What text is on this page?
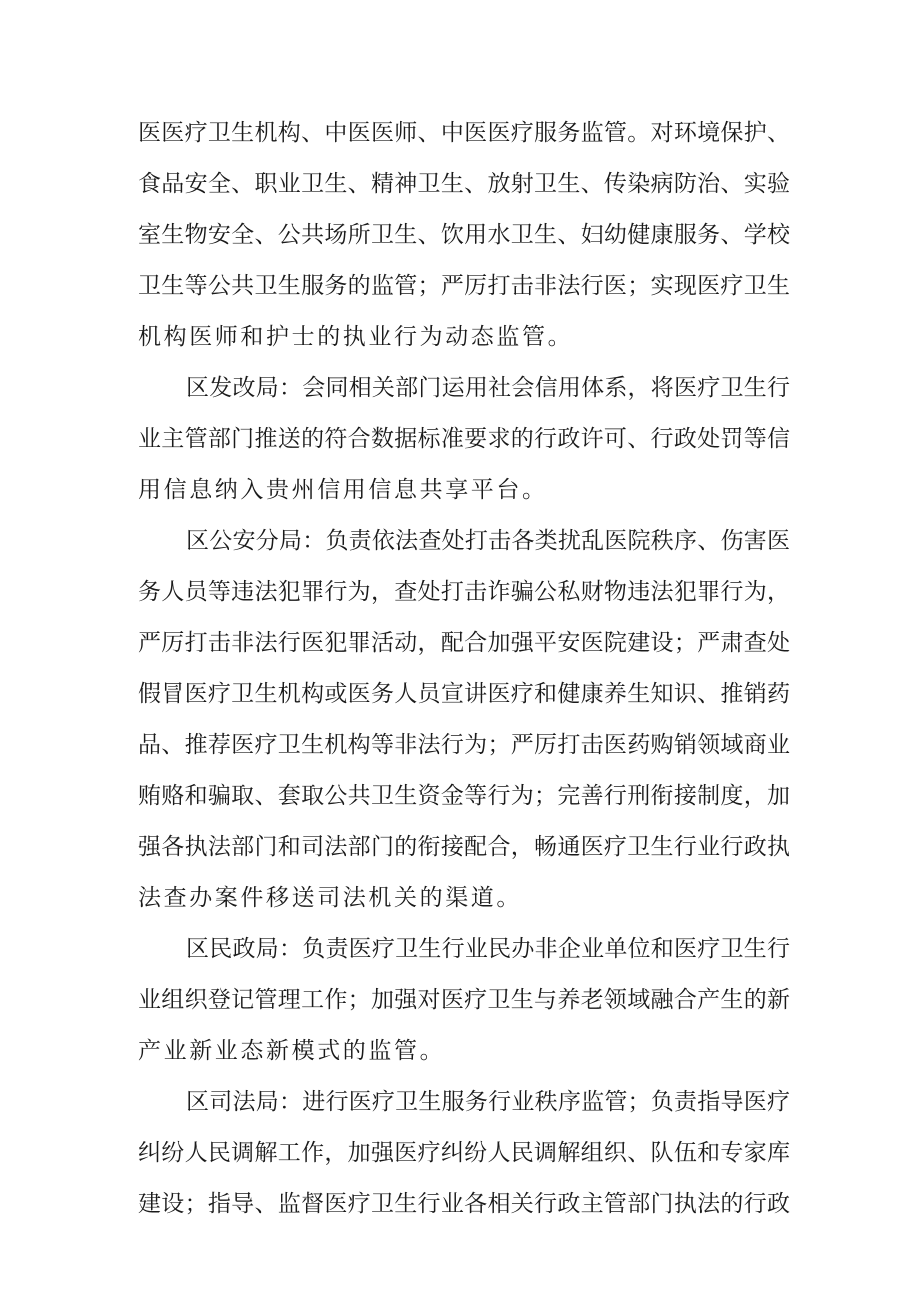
医医疗卫生机构、中医医师、中医医疗服务监管。对环境保护、
食品安全、职业卫生、精神卫生、放射卫生、传染病防治、实验
室生物安全、公共场所卫生、饮用水卫生、妇幼健康服务、学校
卫生等公共卫生服务的监管；严厉打击非法行医；实现医疗卫生
机构医师和护士的执业行为动态监管。
区发改局：会同相关部门运用社会信用体系，将医疗卫生行
业主管部门推送的符合数据标准要求的行政许可、行政处罚等信
用信息纳入贵州信用信息共享平台。
区公安分局：负责依法查处打击各类扰乱医院秩序、伤害医
务人员等违法犯罪行为，查处打击诈骗公私财物违法犯罪行为，
严厉打击非法行医犯罪活动，配合加强平安医院建设；严肃查处
假冒医疗卫生机构或医务人员宣讲医疗和健康养生知识、推销药
品、推荐医疗卫生机构等非法行为；严厉打击医药购销领域商业
贿赂和骗取、套取公共卫生资金等行为；完善行刑衔接制度，加
强各执法部门和司法部门的衔接配合，畅通医疗卫生行业行政执
法查办案件移送司法机关的渠道。
区民政局：负责医疗卫生行业民办非企业单位和医疗卫生行
业组织登记管理工作；加强对医疗卫生与养老领域融合产生的新
产业新业态新模式的监管。
区司法局：进行医疗卫生服务行业秩序监管；负责指导医疗
纠纷人民调解工作，加强医疗纠纷人民调解组织、队伍和专家库
建设；指导、监督医疗卫生行业各相关行政主管部门执法的行政
